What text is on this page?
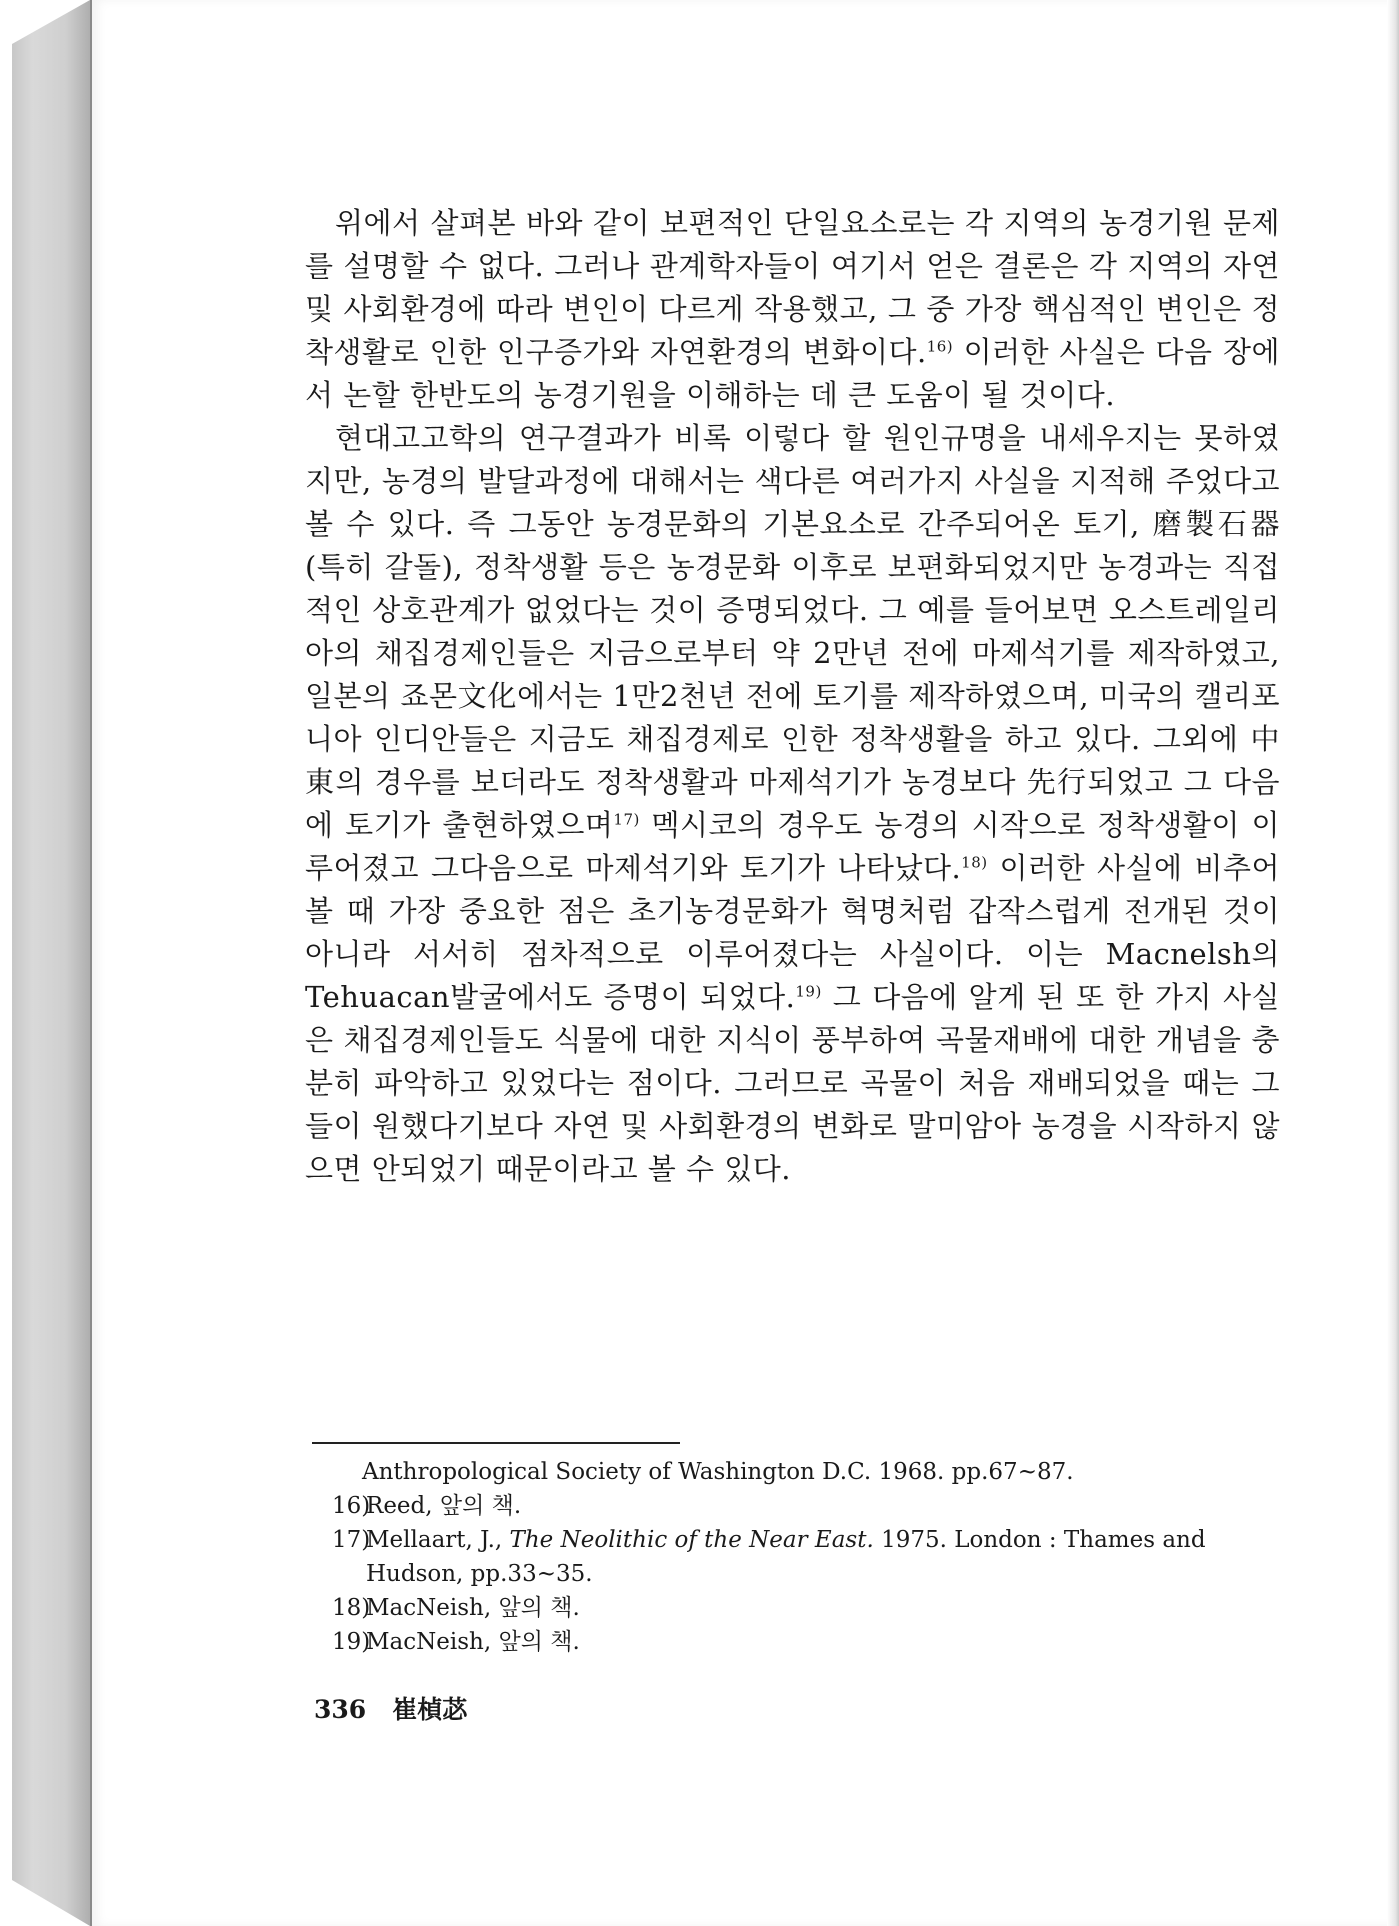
위에서 살펴본 바와 같이 보편적인 단일요소로는 각 지역의 농경기원 문제를 설명할 수 없다. 그러나 관계학자들이 여기서 얻은 결론은 각 지역의 자연 및 사회환경에 따라 변인이 다르게 작용했고, 그 중 가장 핵심적인 변인은 정착생활로 인한 인구증가와 자연환경의 변화이다.$^{16)}$ 이러한 사실은 다음 장에서 논할 한반도의 농경기원을 이해하는 데 큰 도움이 될 것이다.

현대고고학의 연구결과가 비록 이렇다 할 원인규명을 내세우지는 못하였지만, 농경의 발달과정에 대해서는 색다른 여러가지 사실을 지적해 주었다고 볼 수 있다. 즉 그동안 농경문화의 기본요소로 간주되어온 토기, 磨製石器(특히 갈돌), 정착생활 등은 농경문화 이후로 보편화되었지만 농경과는 직접적인 상호관계가 없었다는 것이 증명되었다. 그 예를 들어보면 오스트레일리아의 채집경제인들은 지금으로부터 약 2만년 전에 마제석기를 제작하였고, 일본의 죠몬文化에서는 1만2천년 전에 토기를 제작하였으며, 미국의 캘리포니아 인디안들은 지금도 채집경제로 인한 정착생활을 하고 있다. 그외에 中東의 경우를 보더라도 정착생활과 마제석기가 농경보다 先行되었고 그 다음에 토기가 출현하였으며$^{17)}$ 멕시코의 경우도 농경의 시작으로 정착생활이 이루어졌고 그다음으로 마제석기와 토기가 나타났다.$^{18)}$ 이러한 사실에 비추어볼 때 가장 중요한 점은 초기농경문화가 혁명처럼 갑작스럽게 전개된 것이 아니라 서서히 점차적으로 이루어졌다는 사실이다. 이는 Macnelsh의 Tehuacan발굴에서도 증명이 되었다.$^{19)}$ 그 다음에 알게 된 또 한 가지 사실은 채집경제인들도 식물에 대한 지식이 풍부하여 곡물재배에 대한 개념을 충분히 파악하고 있었다는 점이다. 그러므로 곡물이 처음 재배되었을 때는 그들이 원했다기보다 자연 및 사회환경의 변화로 말미암아 농경을 시작하지 않으면 안되었기 때문이라고 볼 수 있다.

Anthropological Society of Washington D.C. 1968. pp.67~87.
16)
Reed, 앞의 책.
17)
Mellaart, J., The Neolithic of the Near East. 1975. London : Thames and Hudson, pp.33~35.
18)
MacNeish, 앞의 책.
19)
MacNeish, 앞의 책.
336 崔楨苾
